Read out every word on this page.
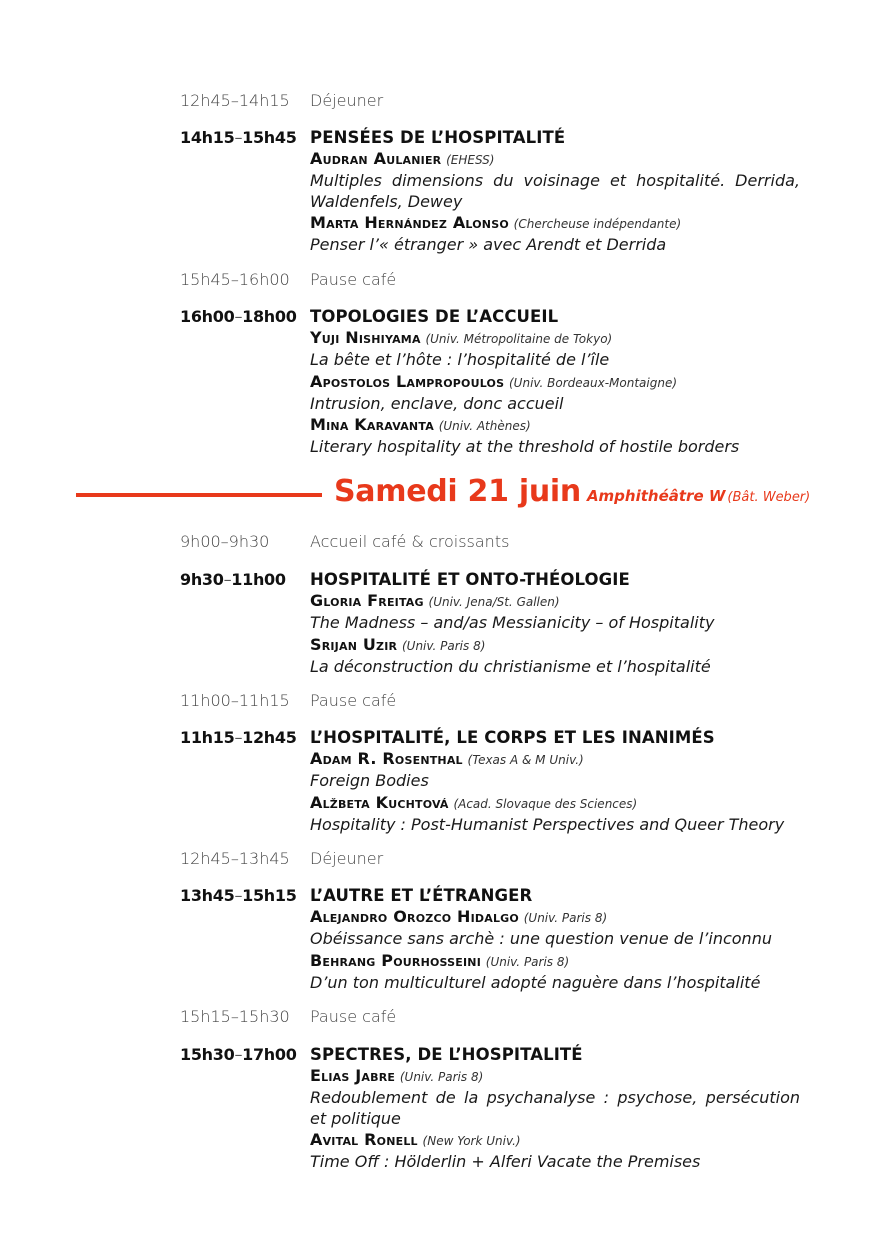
12h45–14h15 Déjeuner
14h15–15h45 PENSÉES DE L’HOSPITALITÉ
Audran Aulanier (EHESS)
Multiples dimensions du voisinage et hospitalité. Derrida, Waldenfels, Dewey
Marta Hernández Alonso (Chercheuse indépendante)
Penser l’« étranger » avec Arendt et Derrida
15h45–16h00 Pause café
16h00–18h00 TOPOLOGIES DE L’ACCUEIL
Yuji Nishiyama (Univ. Métropolitaine de Tokyo)
La bête et l’hôte : l’hospitalité de l’île
Apostolos Lampropoulos (Univ. Bordeaux-Montaigne)
Intrusion, enclave, donc accueil
Mina Karavanta (Univ. Athènes)
Literary hospitality at the threshold of hostile borders
Samedi 21 juin Amphithéâtre W (Bât. Weber)
9h00–9h30	Accueil café & croissants
9h30–11h00 HOSPITALITÉ ET ONTO-THÉOLOGIE
Gloria Freitag (Univ. Jena/St. Gallen)
The Madness – and/as Messianicity – of Hospitality
Srijan Uzir (Univ. Paris 8)
La déconstruction du christianisme et l’hospitalité
11h00–11h15 Pause café
11h15–12h45 L’HOSPITALITÉ, LE CORPS ET LES INANIMÉS
Adam R. Rosenthal (Texas A & M Univ.)
Foreign Bodies
Alžbeta Kuchtová (Acad. Slovaque des Sciences)
Hospitality : Post-Humanist Perspectives and Queer Theory
12h45–13h45 Déjeuner
13h45–15h15 L’AUTRE ET L’ÉTRANGER
Alejandro Orozco Hidalgo (Univ. Paris 8)
Obéissance sans archè : une question venue de l’inconnu
Behrang Pourhosseini (Univ. Paris 8)
D’un ton multiculturel adopté naguère dans l’hospitalité
15h15–15h30 Pause café
15h30–17h00 SPECTRES, DE L’HOSPITALITÉ
Elias Jabre (Univ. Paris 8)
Redoublement de la psychanalyse : psychose, persécution et politique
Avital Ronell (New York Univ.)
Time Off : Hölderlin + Alferi Vacate the Premises
